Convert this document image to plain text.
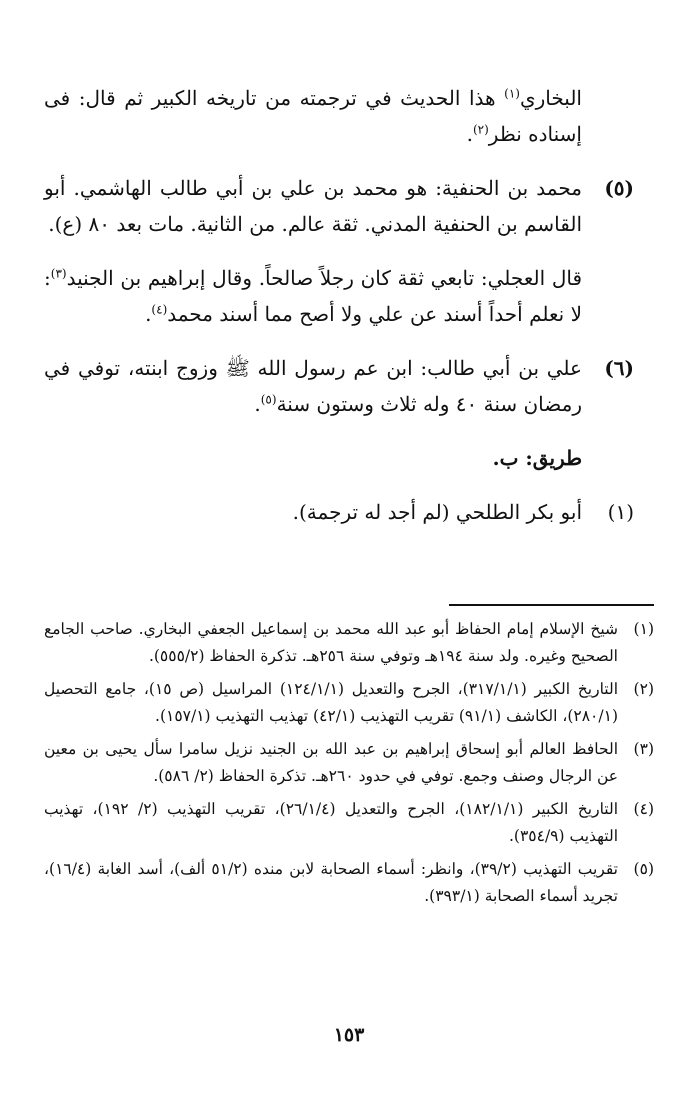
البخاري$^{(١)}$ هذا الحديث في ترجمته من تاريخه الكبير ثم قال: فى إسناده نظر$^{(٢)}$.

(٥)
محمد بن الحنفية: هو محمد بن علي بن أبي طالب الهاشمي. أبو القاسم بن الحنفية المدني. ثقة عالم. من الثانية. مات بعد ٨٠ (ع).

قال العجلي: تابعي ثقة كان رجلاً صالحاً. وقال إبراهيم بن الجنيد$^{(٣)}$: لا نعلم أحداً أسند عن علي ولا أصح مما أسند محمد$^{(٤)}$.

(٦)
علي بن أبي طالب: ابن عم رسول الله ﷺ وزوج ابنته، توفي في رمضان سنة ٤٠ وله ثلاث وستون سنة$^{(٥)}$.

طريق: ب.

(١)
أبو بكر الطلحي (لم أجد له ترجمة).
(١)
شيخ الإسلام إمام الحفاظ أبو عبد الله محمد بن إسماعيل الجعفي البخاري. صاحب الجامع الصحيح وغيره. ولد سنة ١٩٤هـ وتوفي سنة ٢٥٦هـ. تذكرة الحفاظ (٥٥٥/٢).
(٢)
التاريخ الكبير (٣١٧/١/١)، الجرح والتعديل (١٢٤/١/١) المراسيل (ص ١٥)، جامع التحصيل (٢٨٠/١)، الكاشف (٩١/١) تقريب التهذيب (٤٢/١) تهذيب التهذيب (١٥٧/١).
(٣)
الحافظ العالم أبو إسحاق إبراهيم بن عبد الله بن الجنيد نزيل سامرا سأل يحيى بن معين عن الرجال وصنف وجمع. توفي في حدود ٢٦٠هـ. تذكرة الحفاظ (٢/ ٥٨٦).
(٤)
التاريخ الكبير (١٨٢/١/١)، الجرح والتعديل (٢٦/١/٤)، تقريب التهذيب (٢/ ١٩٢)، تهذيب التهذيب (٣٥٤/٩).
(٥)
تقريب التهذيب (٣٩/٢)، وانظر: أسماء الصحابة لابن منده (٥١/٢ ألف)، أسد الغابة (١٦/٤)، تجريد أسماء الصحابة (٣٩٣/١).
١٥٣
